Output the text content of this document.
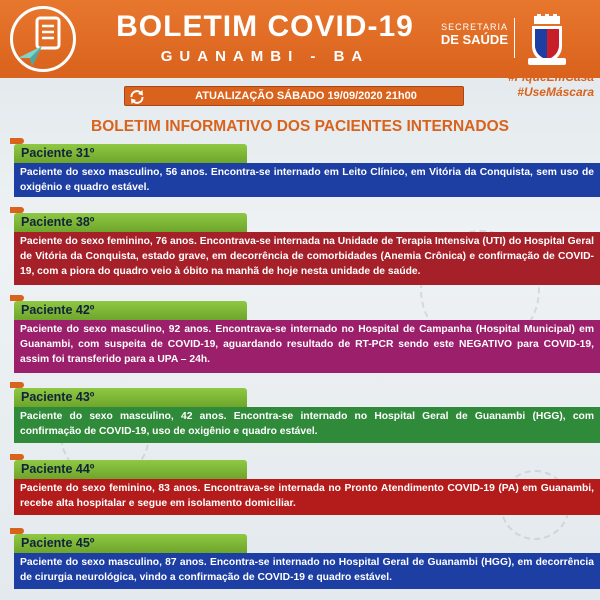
BOLETIM COVID-19
GUANAMBI - BA
SECRETARIA
DE SAÚDE
ATUALIZAÇÃO SÁBADO 19/09/2020 21h00
#FiqueEmCasa
#UseMáscara
BOLETIM INFORMATIVO DOS PACIENTES INTERNADOS
Paciente 31º
Paciente do sexo masculino, 56 anos. Encontra-se internado em Leito Clínico, em Vitória da Conquista, sem uso de oxigênio e quadro estável.
Paciente 38º
Paciente do sexo feminino, 76 anos. Encontrava-se internada na Unidade de Terapia Intensiva (UTI) do Hospital Geral de Vitória da Conquista, estado grave, em decorrência de comorbidades (Anemia Crônica) e confirmação de COVID-19, com a piora do quadro veio à óbito na manhã de hoje nesta unidade de saúde.
Paciente 42º
Paciente do sexo masculino, 92 anos. Encontrava-se internado no Hospital de Campanha (Hospital Municipal) em Guanambi, com suspeita de COVID-19, aguardando resultado de RT-PCR sendo este NEGATIVO para COVID-19, assim foi transferido para a UPA – 24h.
Paciente 43º
Paciente do sexo masculino, 42 anos. Encontra-se internado no Hospital Geral de Guanambi (HGG), com confirmação de COVID-19, uso de oxigênio e quadro estável.
Paciente 44º
Paciente do sexo feminino, 83 anos. Encontrava-se internada no Pronto Atendimento COVID-19 (PA) em Guanambi, recebe alta hospitalar e segue em isolamento domiciliar.
Paciente 45º
Paciente do sexo masculino, 87 anos. Encontra-se internado no Hospital Geral de Guanambi (HGG), em decorrência de cirurgia neurológica, vindo a confirmação de COVID-19 e quadro estável.
